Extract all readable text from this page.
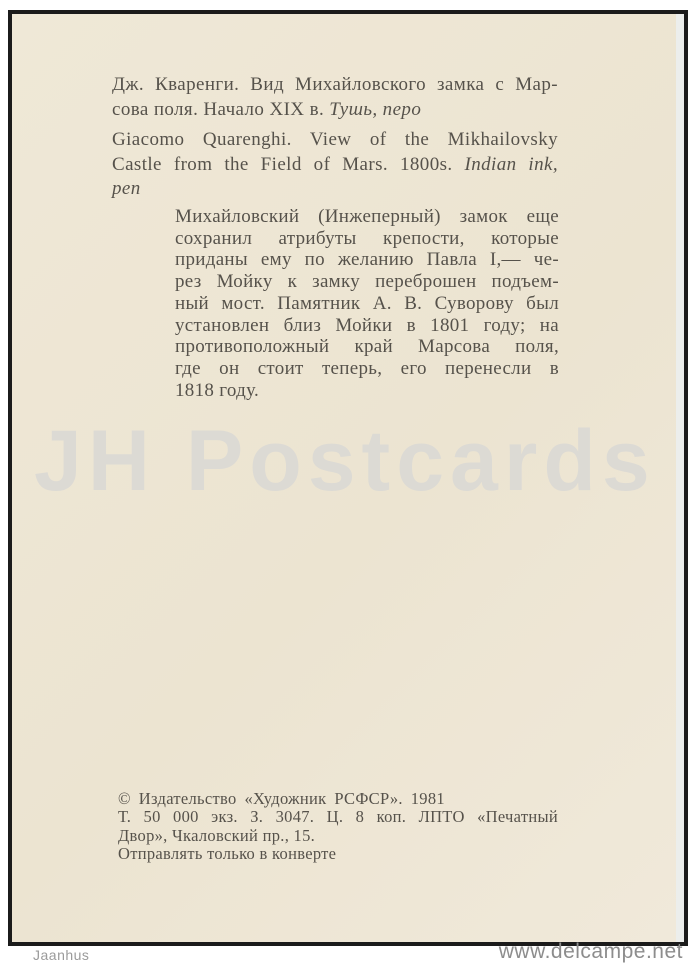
Дж. Кваренги. Вид Михайловского замка с Мар-
сова поля. Начало XIX в. Тушь, перо
Giacomo Quarenghi. View of the Mikhailovsky
Castle from the Field of Mars. 1800s. Indian ink,
pen
Михайловский (Инжеперный) замок еще
сохранил атрибуты крепости, которые
приданы ему по желанию Павла I,— че-
рез Мойку к замку переброшен подъем-
ный мост. Памятник А. В. Суворову был
установлен близ Мойки в 1801 году; на
противоположный край Марсова поля,
где он стоит теперь, его перенесли в
1818 году.
JH Postcards
© Издательство «Художник РСФСР». 1981
Т. 50 000 экз. З. 3047. Ц. 8 коп. ЛПТО «Печатный
Двор», Чкаловский пр., 15.
Отправлять только в конверте
Jaanhus	www.delcampe.net
